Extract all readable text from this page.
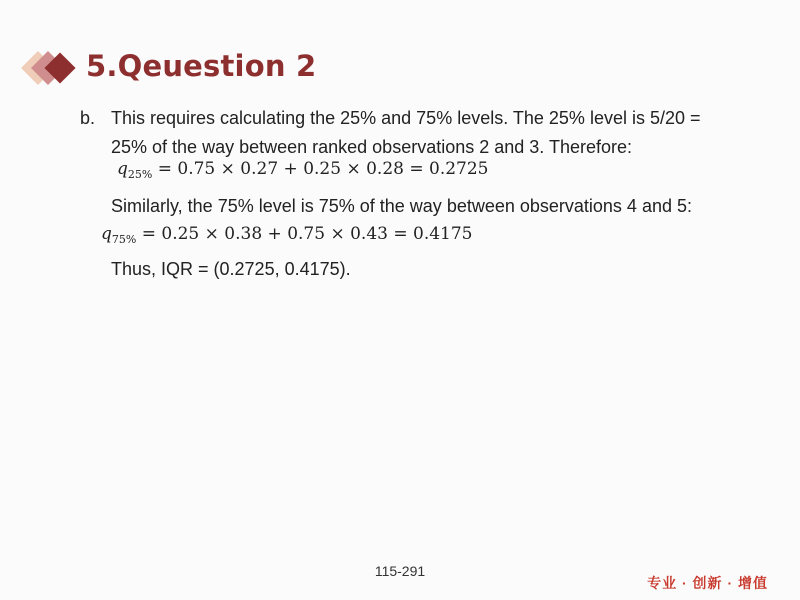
5.Qeuestion 2
b. This requires calculating the 25% and 75% levels. The 25% level is 5/20 =
25% of the way between ranked observations 2 and 3. Therefore:
$q_{25\%} = 0.75 \times 0.27 + 0.25 \times 0.28 = 0.2725$
Similarly, the 75% level is 75% of the way between observations 4 and 5:
$q_{75\%} = 0.25 \times 0.38 + 0.75 \times 0.43 = 0.4175$
Thus, IQR = (0.2725, 0.4175).
115-291
专业 · 创新 · 增值
